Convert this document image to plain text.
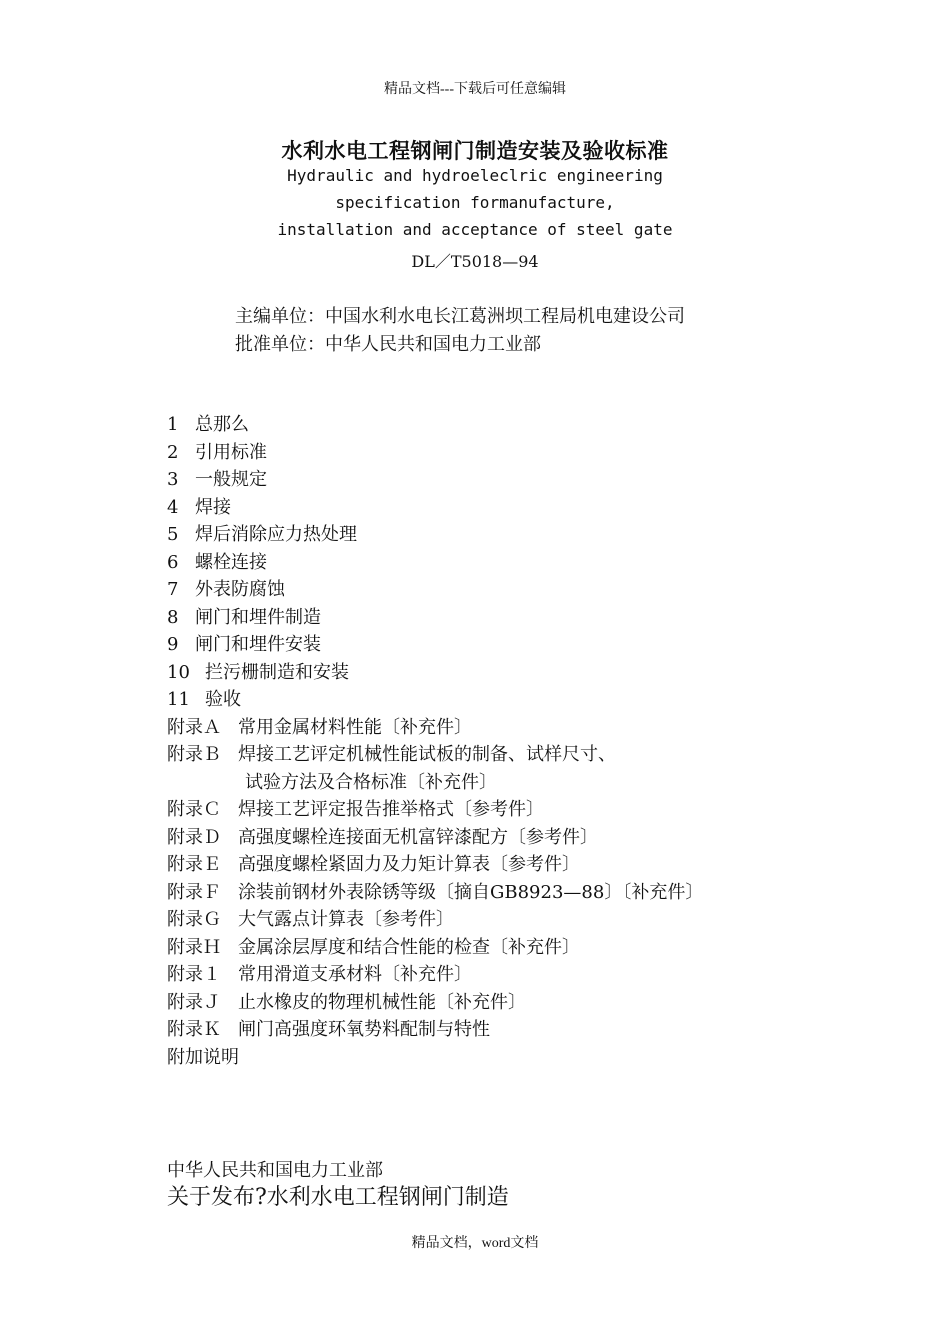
精品文档---下载后可任意编辑
水利水电工程钢闸门制造安装及验收标准
Hydraulic and hydroeleclric engineering
specification formanufacture,
installation and acceptance of steel gate
DL／T5018—94
主编单位：中国水利水电长江葛洲坝工程局机电建设公司
批准单位：中华人民共和国电力工业部
1 总那么
2 引用标准
3 一般规定
4 焊接
5 焊后消除应力热处理
6 螺栓连接
7 外表防腐蚀
8 闸门和埋件制造
9 闸门和埋件安装
10 拦污栅制造和安装
11 验收
附录Ａ 常用金属材料性能〔补充件〕
附录Ｂ 焊接工艺评定机械性能试板的制备、试样尺寸、
试验方法及合格标准〔补充件〕
附录Ｃ 焊接工艺评定报告推举格式〔参考件〕
附录Ｄ 高强度螺栓连接面无机富锌漆配方〔参考件〕
附录Ｅ 高强度螺栓紧固力及力矩计算表〔参考件〕
附录Ｆ 涂装前钢材外表除锈等级〔摘自GB8923—88〕〔补充件〕
附录Ｇ 大气露点计算表〔参考件〕
附录Ｈ 金属涂层厚度和结合性能的检查〔补充件〕
附录１ 常用滑道支承材料〔补充件〕
附录Ｊ 止水橡皮的物理机械性能〔补充件〕
附录Ｋ 闸门高强度环氧势料配制与特性
附加说明
中华人民共和国电力工业部
关于发布?水利水电工程钢闸门制造
精品文档，word文档
